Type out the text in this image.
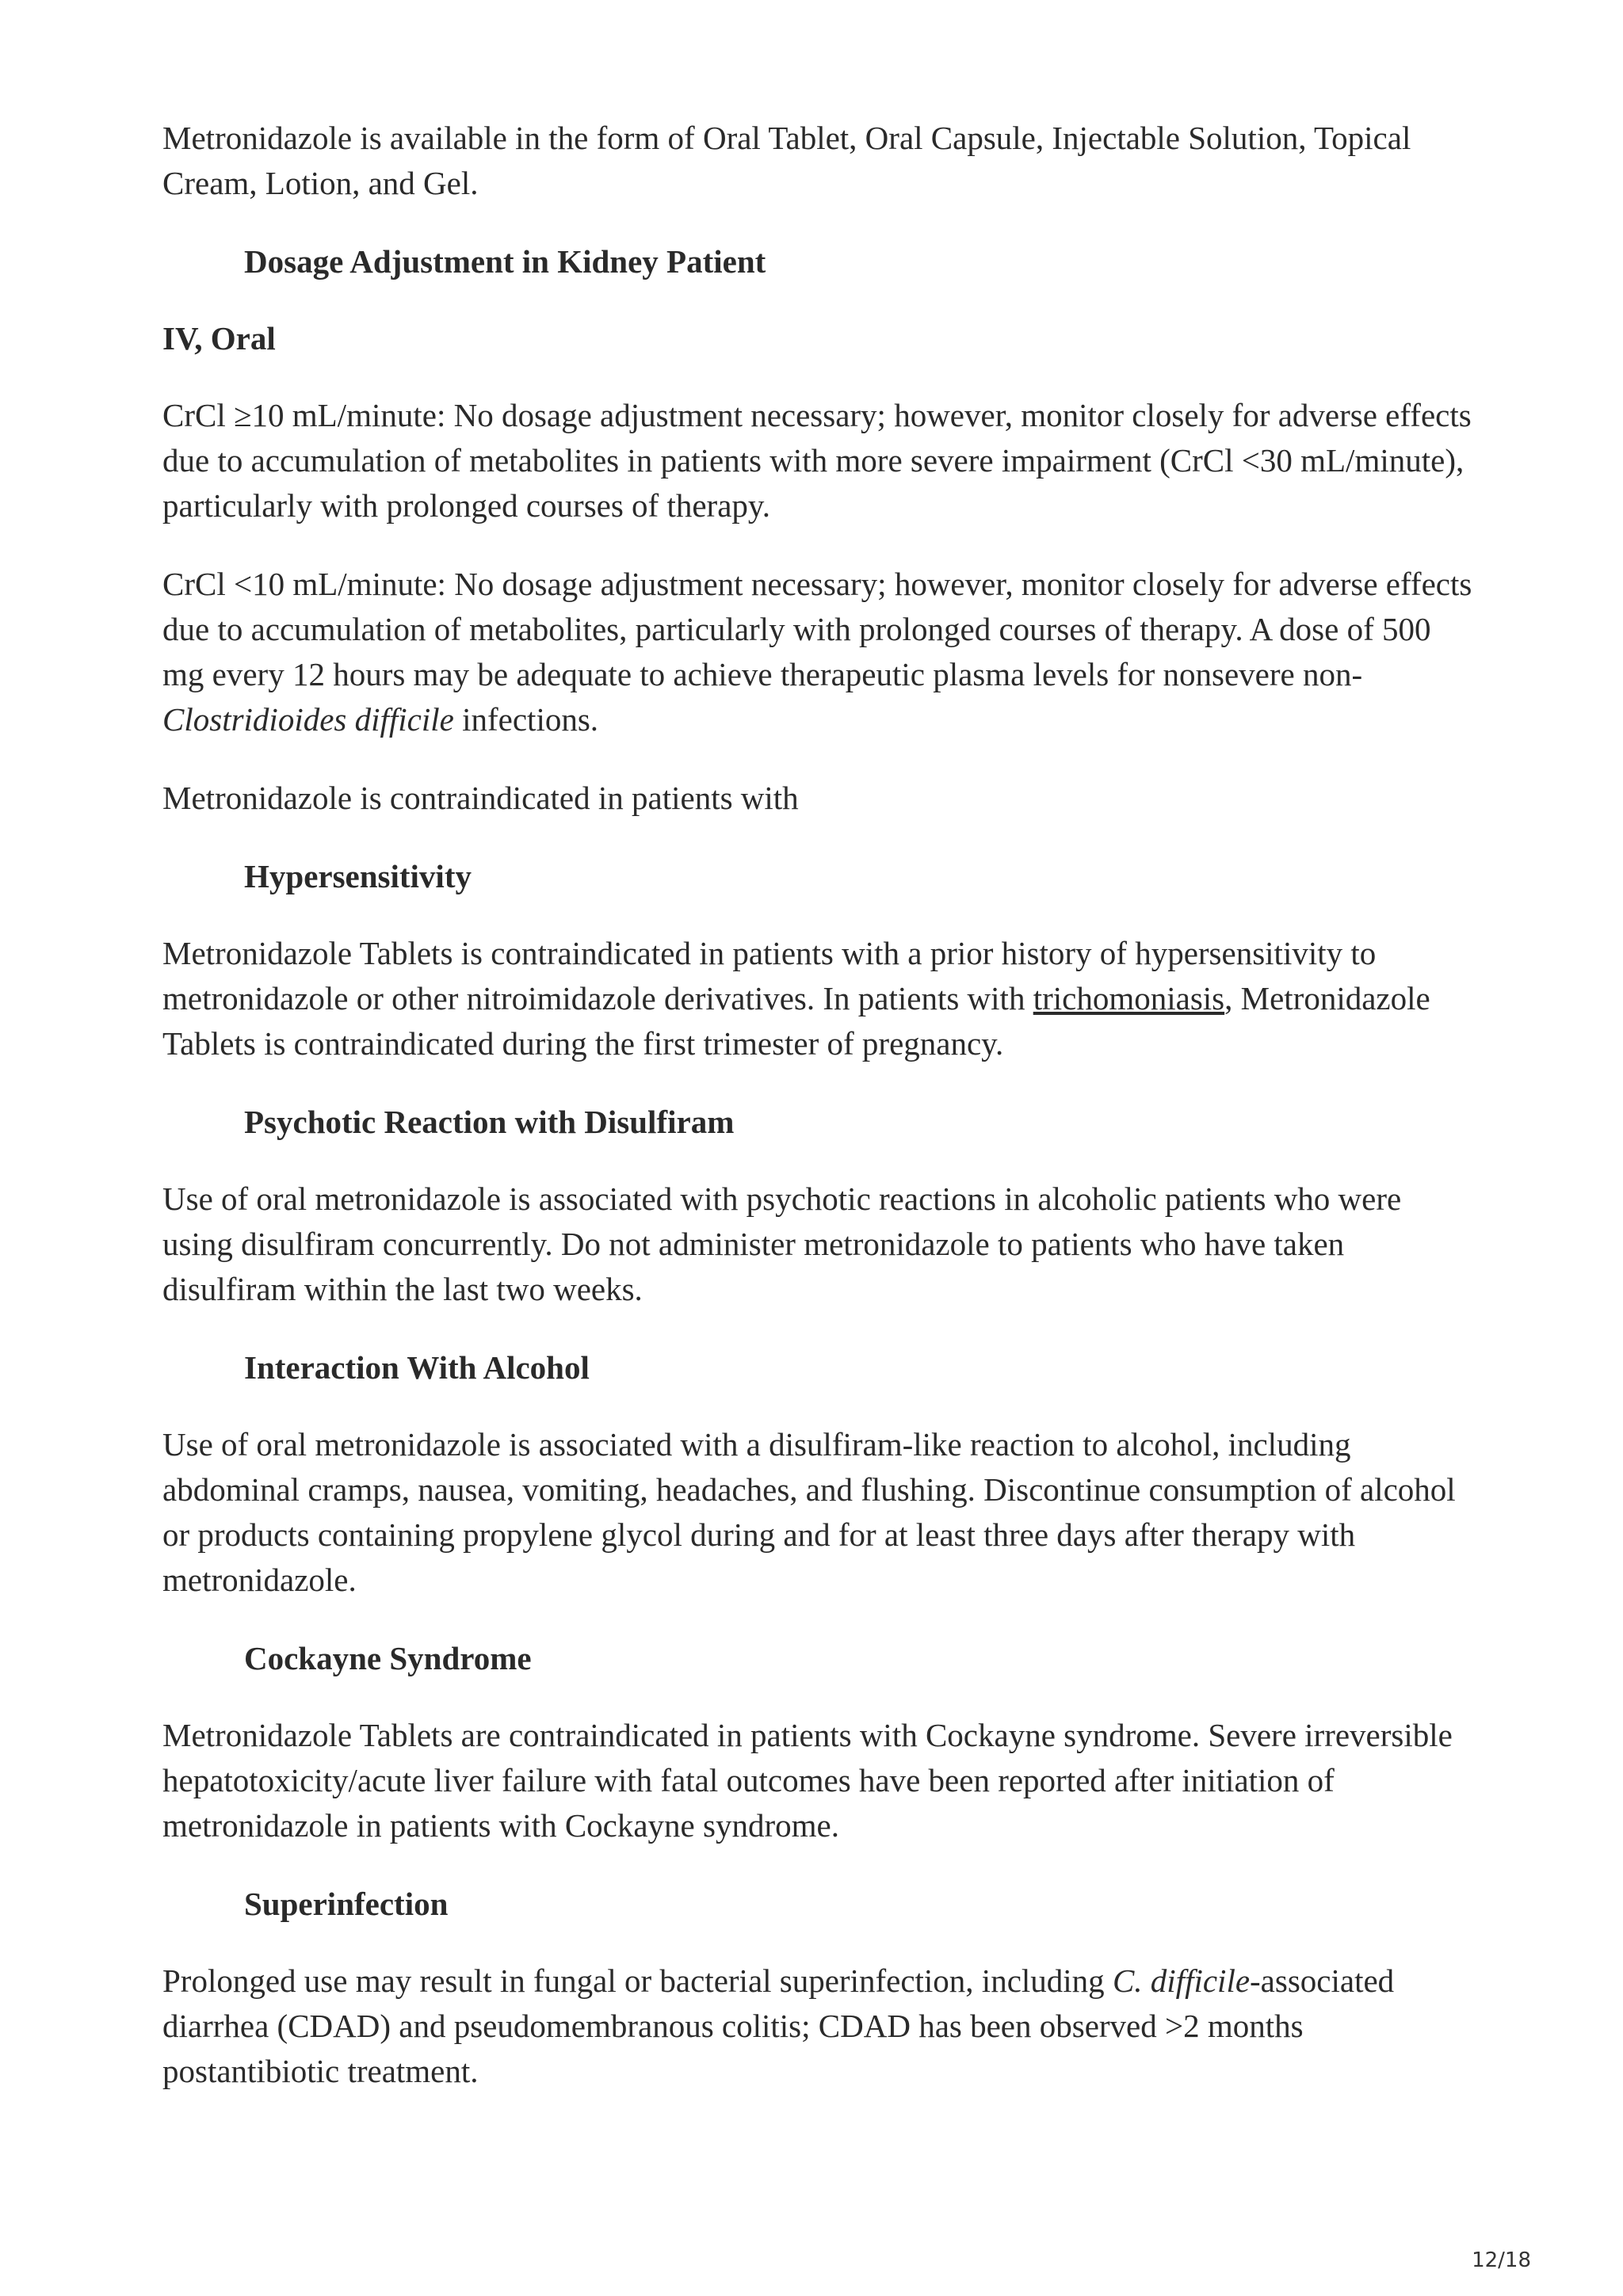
Metronidazole is available in the form of Oral Tablet, Oral Capsule, Injectable Solution, Topical Cream, Lotion, and Gel.

Dosage Adjustment in Kidney Patient
IV, Oral

CrCl ≥10 mL/minute: No dosage adjustment necessary; however, monitor closely for adverse effects due to accumulation of metabolites in patients with more severe impairment (CrCl <30 mL/minute), particularly with prolonged courses of therapy.

CrCl <10 mL/minute: No dosage adjustment necessary; however, monitor closely for adverse effects due to accumulation of metabolites, particularly with prolonged courses of therapy. A dose of 500 mg every 12 hours may be adequate to achieve therapeutic plasma levels for nonsevere non-Clostridioides difficile infections.

Metronidazole is contraindicated in patients with

Hypersensitivity

Metronidazole Tablets is contraindicated in patients with a prior history of hypersensitivity to metronidazole or other nitroimidazole derivatives. In patients with trichomoniasis, Metronidazole Tablets is contraindicated during the first trimester of pregnancy.

Psychotic Reaction with Disulfiram

Use of oral metronidazole is associated with psychotic reactions in alcoholic patients who were using disulfiram concurrently. Do not administer metronidazole to patients who have taken disulfiram within the last two weeks.

Interaction With Alcohol

Use of oral metronidazole is associated with a disulfiram-like reaction to alcohol, including abdominal cramps, nausea, vomiting, headaches, and flushing. Discontinue consumption of alcohol or products containing propylene glycol during and for at least three days after therapy with metronidazole.

Cockayne Syndrome

Metronidazole Tablets are contraindicated in patients with Cockayne syndrome. Severe irreversible hepatotoxicity/acute liver failure with fatal outcomes have been reported after initiation of metronidazole in patients with Cockayne syndrome.

Superinfection

Prolonged use may result in fungal or bacterial superinfection, including C. difficile-associated diarrhea (CDAD) and pseudomembranous colitis; CDAD has been observed >2 months postantibiotic treatment.

12/18
